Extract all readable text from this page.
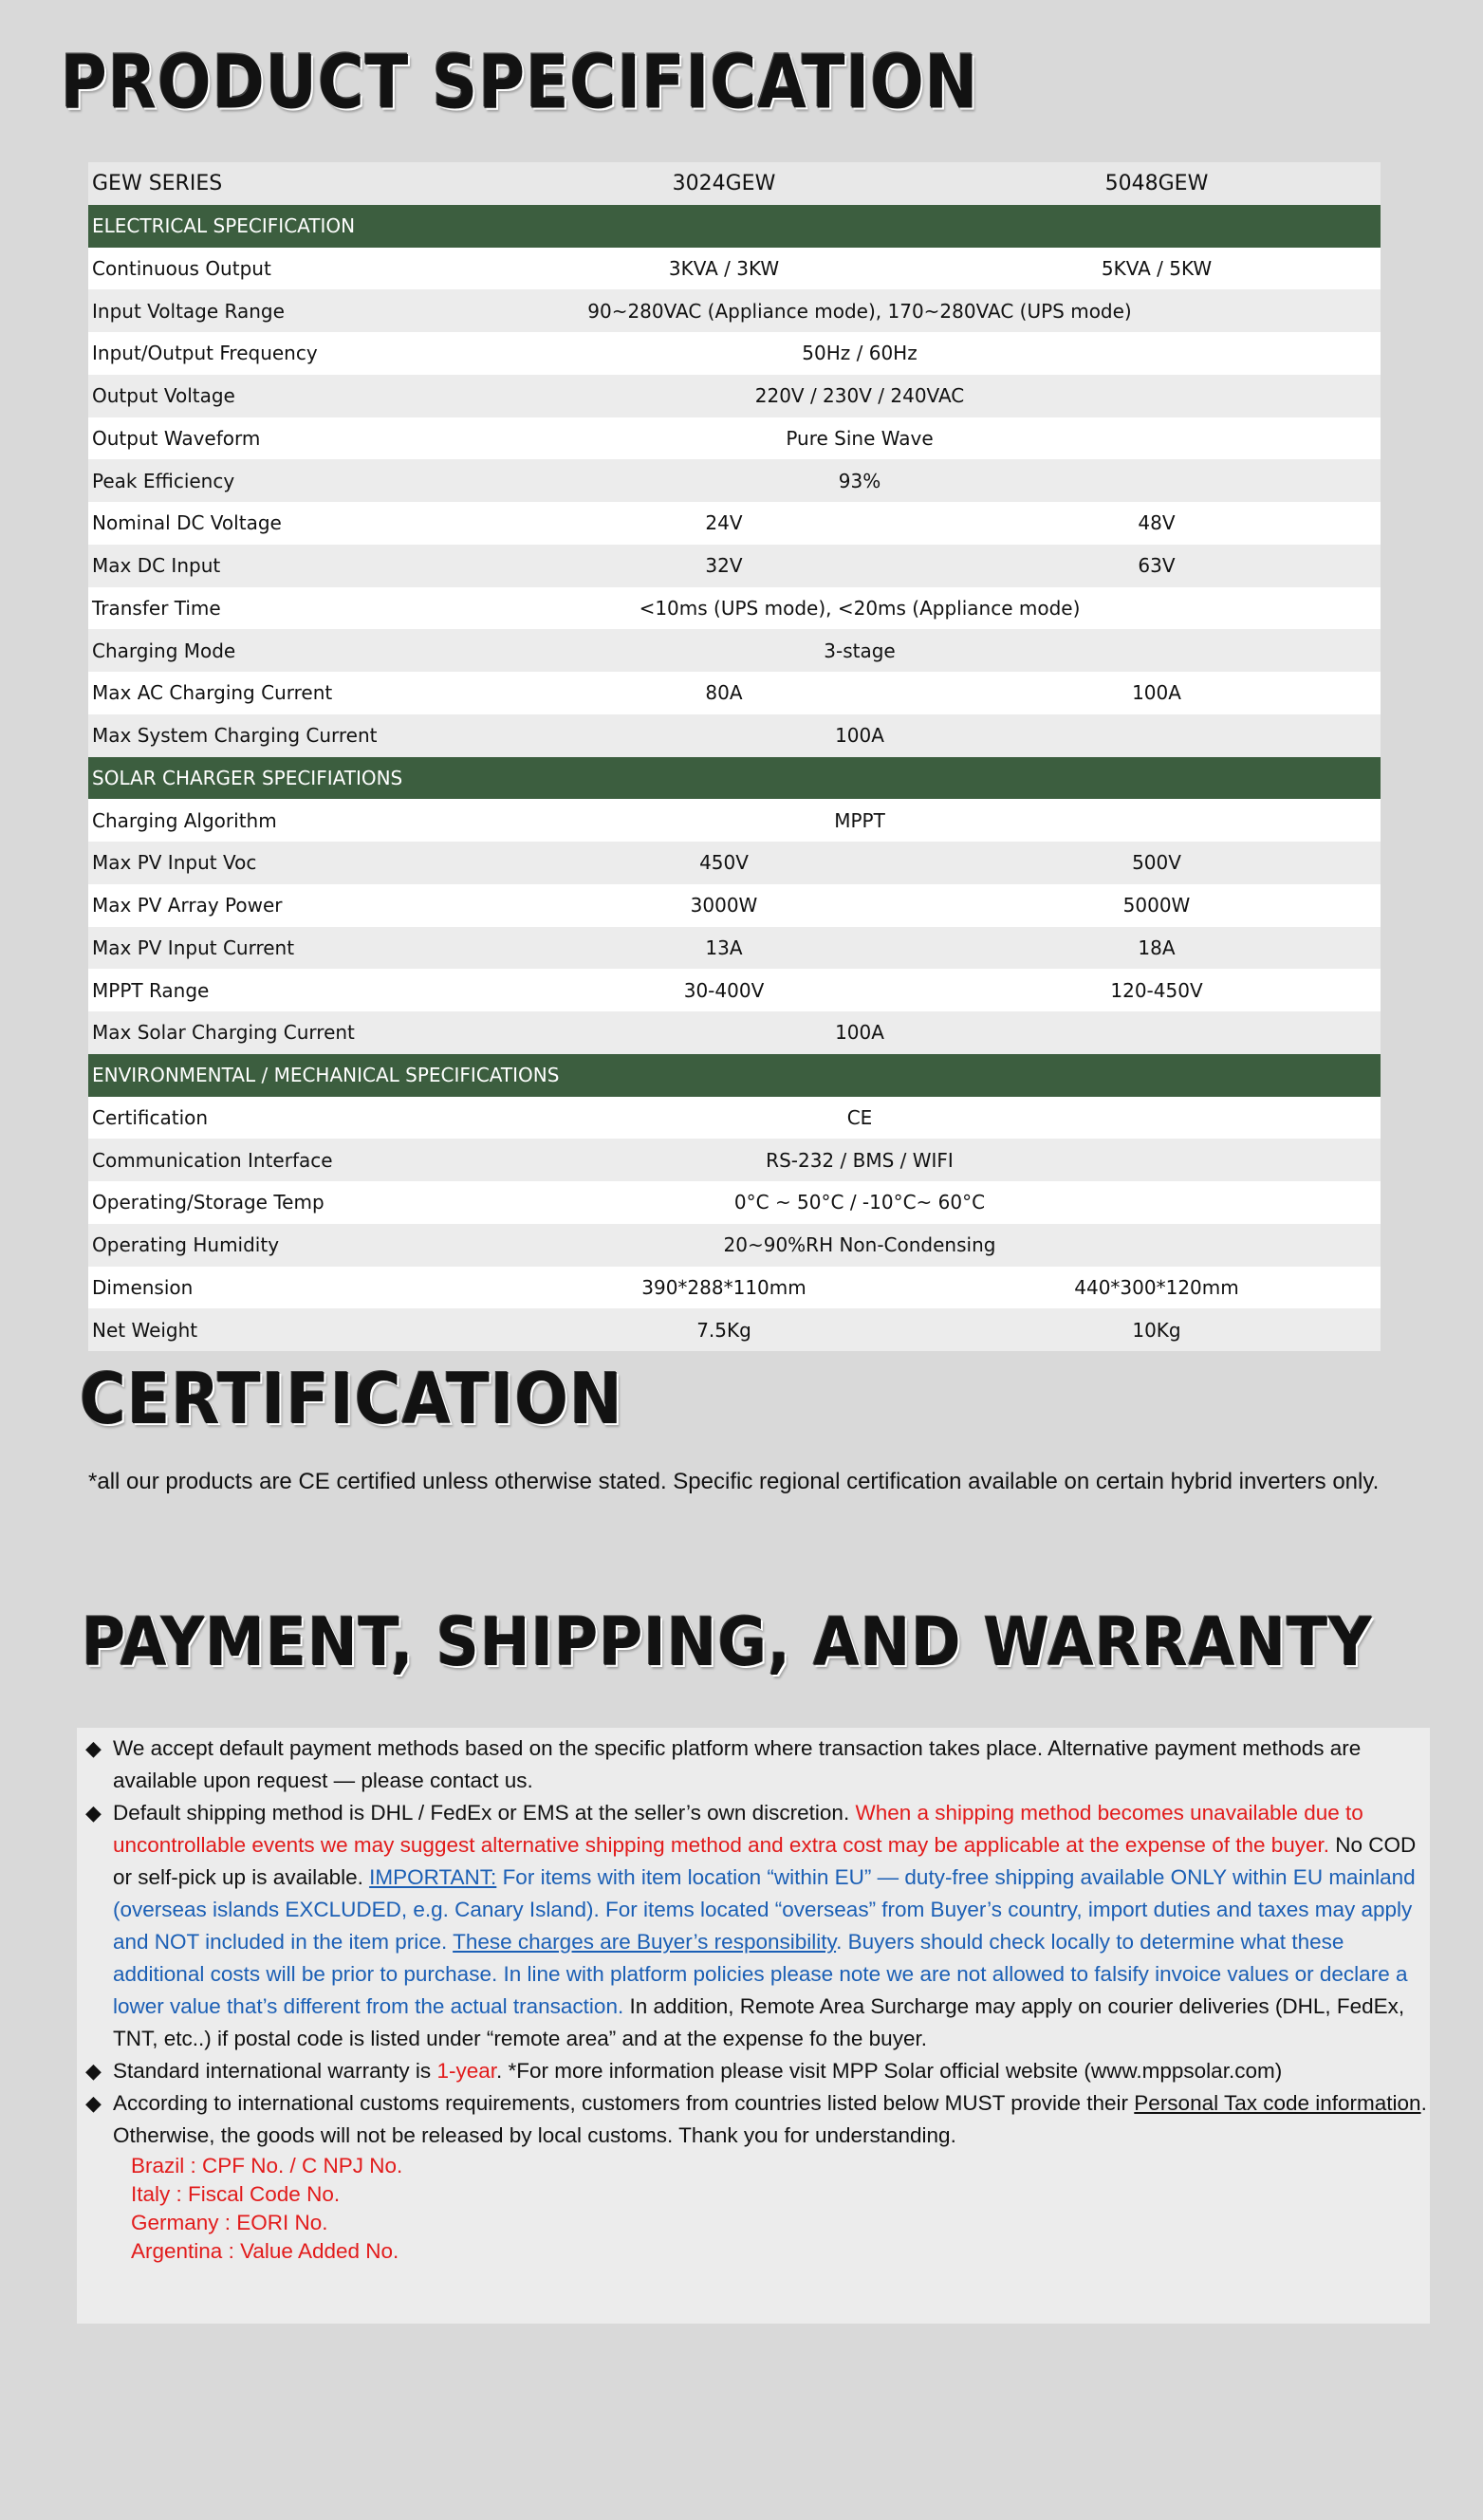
PRODUCT SPECIFICATION
GEW SERIES	3024GEW	5048GEW
ELECTRICAL SPECIFICATION		
Continuous Output	3KVA / 3KW	5KVA / 5KW
Input Voltage Range	90~280VAC (Appliance mode), 170~280VAC (UPS mode)	
Input/Output Frequency	50Hz / 60Hz	
Output Voltage	220V / 230V / 240VAC	
Output Waveform	Pure Sine Wave	
Peak Efficiency	93%	
Nominal DC Voltage	24V	48V
Max DC Input	32V	63V
Transfer Time	<10ms (UPS mode), <20ms (Appliance mode)	
Charging Mode	3-stage	
Max AC Charging Current	80A	100A
Max System Charging Current	100A	
SOLAR CHARGER SPECIFIATIONS		
Charging Algorithm	MPPT	
Max PV Input Voc	450V	500V
Max PV Array Power	3000W	5000W
Max PV Input Current	13A	18A
MPPT Range	30-400V	120-450V
Max Solar Charging Current	100A	
ENVIRONMENTAL / MECHANICAL SPECIFICATIONS		
Certification	CE	
Communication Interface	RS-232 / BMS / WIFI	
Operating/Storage Temp	0°C ~ 50°C / -10°C~ 60°C	
Operating Humidity	20~90%RH Non-Condensing	
Dimension	390*288*110mm	440*300*120mm
Net Weight	7.5Kg	10Kg
CERTIFICATION
*all our products are CE certified unless otherwise stated. Specific regional certification available on certain hybrid inverters only.
PAYMENT, SHIPPING, AND WARRANTY
◆ We accept default payment methods based on the specific platform where transaction takes place. Alternative payment methods are available upon request — please contact us.
◆ Default shipping method is DHL / FedEx or EMS at the seller’s own discretion. When a shipping method becomes unavailable due to uncontrollable events we may suggest alternative shipping method and extra cost may be applicable at the expense of the buyer. No COD or self-pick up is available. IMPORTANT: For items with item location “within EU” — duty-free shipping available ONLY within EU mainland (overseas islands EXCLUDED, e.g. Canary Island). For items located “overseas” from Buyer’s country, import duties and taxes may apply and NOT included in the item price. These charges are Buyer’s responsibility. Buyers should check locally to determine what these additional costs will be prior to purchase. In line with platform policies please note we are not allowed to falsify invoice values or declare a lower value that’s different from the actual transaction. In addition, Remote Area Surcharge may apply on courier deliveries (DHL, FedEx, TNT, etc..) if postal code is listed under “remote area” and at the expense fo the buyer.
◆ Standard international warranty is 1-year. *For more information please visit MPP Solar official website (www.mppsolar.com)
◆ According to international customs requirements, customers from countries listed below MUST provide their Personal Tax code information. Otherwise, the goods will not be released by local customs. Thank you for understanding.
Brazil : CPF No. / C NPJ No.
Italy : Fiscal Code No.
Germany : EORI No.
Argentina : Value Added No.
